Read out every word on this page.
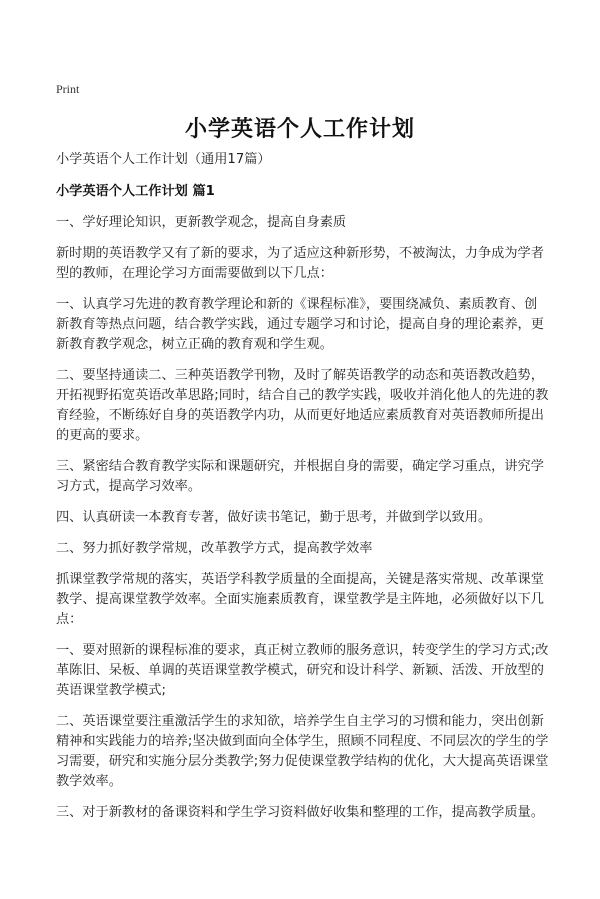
Print
小学英语个人工作计划

小学英语个人工作计划（通用17篇）

小学英语个人工作计划 篇1

一、学好理论知识，更新教学观念，提高自身素质

新时期的英语教学又有了新的要求，为了适应这种新形势，不被淘汰，力争成为学者型的教师，在理论学习方面需要做到以下几点：

一、认真学习先进的教育教学理论和新的《课程标准》，要围绕减负、素质教育、创新教育等热点问题，结合教学实践，通过专题学习和讨论，提高自身的理论素养，更新教育教学观念，树立正确的教育观和学生观。

二、要坚持通读二、三种英语教学刊物，及时了解英语教学的动态和英语教改趋势，开拓视野拓宽英语改革思路;同时，结合自己的教学实践，吸收并消化他人的先进的教育经验，不断练好自身的英语教学内功，从而更好地适应素质教育对英语教师所提出的更高的要求。

三、紧密结合教育教学实际和课题研究，并根据自身的需要，确定学习重点，讲究学习方式，提高学习效率。

四、认真研读一本教育专著，做好读书笔记，勤于思考，并做到学以致用。

二、努力抓好教学常规，改革教学方式，提高教学效率

抓课堂教学常规的落实，英语学科教学质量的全面提高，关键是落实常规、改革课堂教学、提高课堂教学效率。全面实施素质教育，课堂教学是主阵地，必须做好以下几点：

一、要对照新的课程标准的要求，真正树立教师的服务意识，转变学生的学习方式;改革陈旧、呆板、单调的英语课堂教学模式，研究和设计科学、新颖、活泼、开放型的英语课堂教学模式;

二、英语课堂要注重激活学生的求知欲，培养学生自主学习的习惯和能力，突出创新精神和实践能力的培养;坚决做到面向全体学生，照顾不同程度、不同层次的学生的学习需要，研究和实施分层分类教学;努力促使课堂教学结构的优化，大大提高英语课堂教学效率。

三、对于新教材的备课资料和学生学习资料做好收集和整理的工作，提高教学质量。
